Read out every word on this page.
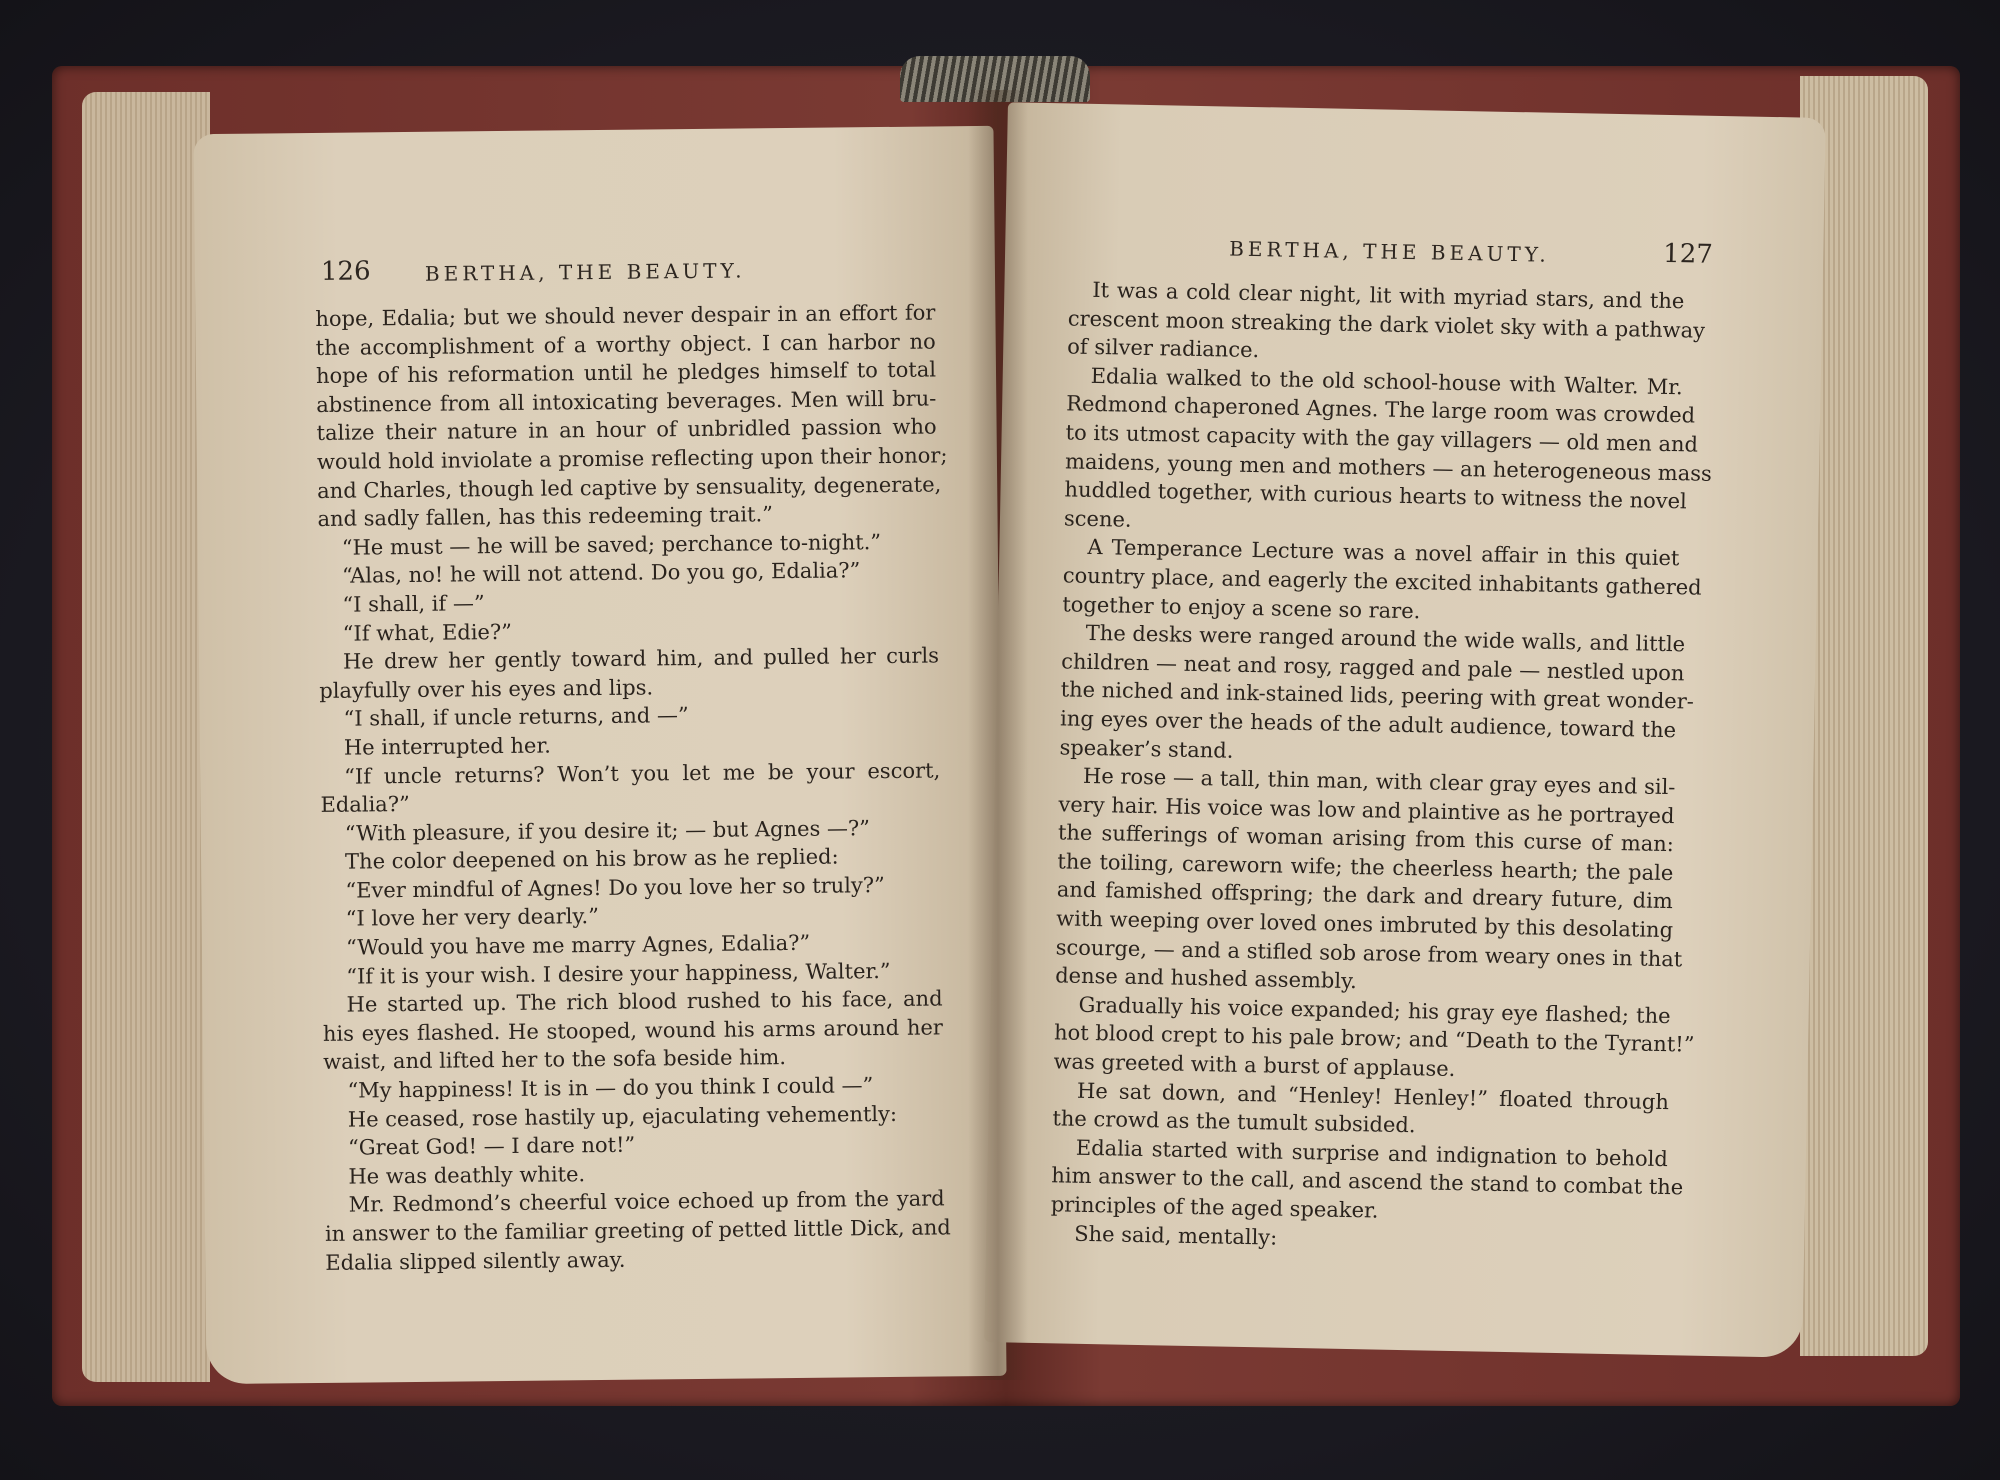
126	BERTHA, THE BEAUTY.
hope, Edalia; but we should never despair in an effort for
the accomplishment of a worthy object. I can harbor no
hope of his reformation until he pledges himself to total
abstinence from all intoxicating beverages. Men will bru-
talize their nature in an hour of unbridled passion who
would hold inviolate a promise reflecting upon their honor;
and Charles, though led captive by sensuality, degenerate,
and sadly fallen, has this redeeming trait.”
“He must — he will be saved; perchance to-night.”
“Alas, no! he will not attend. Do you go, Edalia?”
“I shall, if —”
“If what, Edie?”
He drew her gently toward him, and pulled her curls
playfully over his eyes and lips.
“I shall, if uncle returns, and —”
He interrupted her.
“If uncle returns? Won’t you let me be your escort,
Edalia?”
“With pleasure, if you desire it; — but Agnes —?”
The color deepened on his brow as he replied:
“Ever mindful of Agnes! Do you love her so truly?”
“I love her very dearly.”
“Would you have me marry Agnes, Edalia?”
“If it is your wish. I desire your happiness, Walter.”
He started up. The rich blood rushed to his face, and
his eyes flashed. He stooped, wound his arms around her
waist, and lifted her to the sofa beside him.
“My happiness! It is in — do you think I could —”
He ceased, rose hastily up, ejaculating vehemently:
“Great God! — I dare not!”
He was deathly white.
Mr. Redmond’s cheerful voice echoed up from the yard
in answer to the familiar greeting of petted little Dick, and
Edalia slipped silently away.
BERTHA, THE BEAUTY.	127
It was a cold clear night, lit with myriad stars, and the
crescent moon streaking the dark violet sky with a pathway
of silver radiance.
Edalia walked to the old school-house with Walter. Mr.
Redmond chaperoned Agnes. The large room was crowded
to its utmost capacity with the gay villagers — old men and
maidens, young men and mothers — an heterogeneous mass
huddled together, with curious hearts to witness the novel
scene.
A Temperance Lecture was a novel affair in this quiet
country place, and eagerly the excited inhabitants gathered
together to enjoy a scene so rare.
The desks were ranged around the wide walls, and little
children — neat and rosy, ragged and pale — nestled upon
the niched and ink-stained lids, peering with great wonder-
ing eyes over the heads of the adult audience, toward the
speaker’s stand.
He rose — a tall, thin man, with clear gray eyes and sil-
very hair. His voice was low and plaintive as he portrayed
the sufferings of woman arising from this curse of man:
the toiling, careworn wife; the cheerless hearth; the pale
and famished offspring; the dark and dreary future, dim
with weeping over loved ones imbruted by this desolating
scourge, — and a stifled sob arose from weary ones in that
dense and hushed assembly.
Gradually his voice expanded; his gray eye flashed; the
hot blood crept to his pale brow; and “Death to the Tyrant!”
was greeted with a burst of applause.
He sat down, and “Henley! Henley!” floated through
the crowd as the tumult subsided.
Edalia started with surprise and indignation to behold
him answer to the call, and ascend the stand to combat the
principles of the aged speaker.
She said, mentally:
